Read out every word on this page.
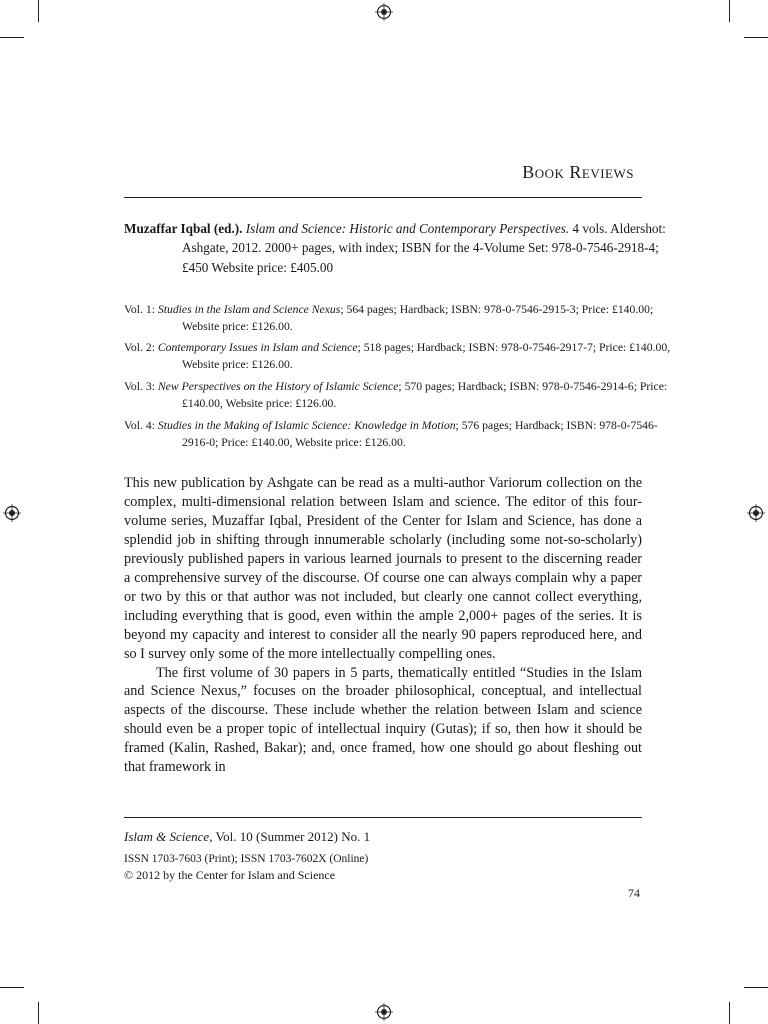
Book Reviews
Muzaffar Iqbal (ed.). Islam and Science: Historic and Contemporary Perspectives. 4 vols. Aldershot: Ashgate, 2012. 2000+ pages, with index; ISBN for the 4-Volume Set: 978-0-7546-2918-4; £450 Website price: £405.00
Vol. 1: Studies in the Islam and Science Nexus; 564 pages; Hardback; ISBN: 978-0-7546-2915-3; Price: £140.00; Website price: £126.00.
Vol. 2: Contemporary Issues in Islam and Science; 518 pages; Hardback; ISBN: 978-0-7546-2917-7; Price: £140.00, Website price: £126.00.
Vol. 3: New Perspectives on the History of Islamic Science; 570 pages; Hardback; ISBN: 978-0-7546-2914-6; Price: £140.00, Website price: £126.00.
Vol. 4: Studies in the Making of Islamic Science: Knowledge in Motion; 576 pages; Hardback; ISBN: 978-0-7546-2916-0; Price: £140.00, Website price: £126.00.

This new publication by Ashgate can be read as a multi-author Variorum collection on the complex, multi-dimensional relation between Islam and science. The editor of this four-volume series, Muzaffar Iqbal, President of the Center for Islam and Science, has done a splendid job in shifting through innumerable scholarly (including some not-so-scholarly) previously published papers in various learned journals to present to the discerning reader a comprehensive survey of the discourse. Of course one can always complain why a paper or two by this or that author was not included, but clearly one cannot collect everything, including everything that is good, even within the ample 2,000+ pages of the series. It is beyond my capacity and interest to consider all the nearly 90 papers reproduced here, and so I survey only some of the more intellectually compelling ones.

The first volume of 30 papers in 5 parts, thematically entitled “Studies in the Islam and Science Nexus,” focuses on the broader philosophical, conceptual, and intellectual aspects of the discourse. These include whether the relation between Islam and science should even be a proper topic of intellectual inquiry (Gutas); if so, then how it should be framed (Kalin, Rashed, Bakar); and, once framed, how one should go about fleshing out that framework in

Islam & Science, Vol. 10 (Summer 2012) No. 1
ISSN 1703-7603 (Print); ISSN 1703-7602X (Online)
© 2012 by the Center for Islam and Science
74
